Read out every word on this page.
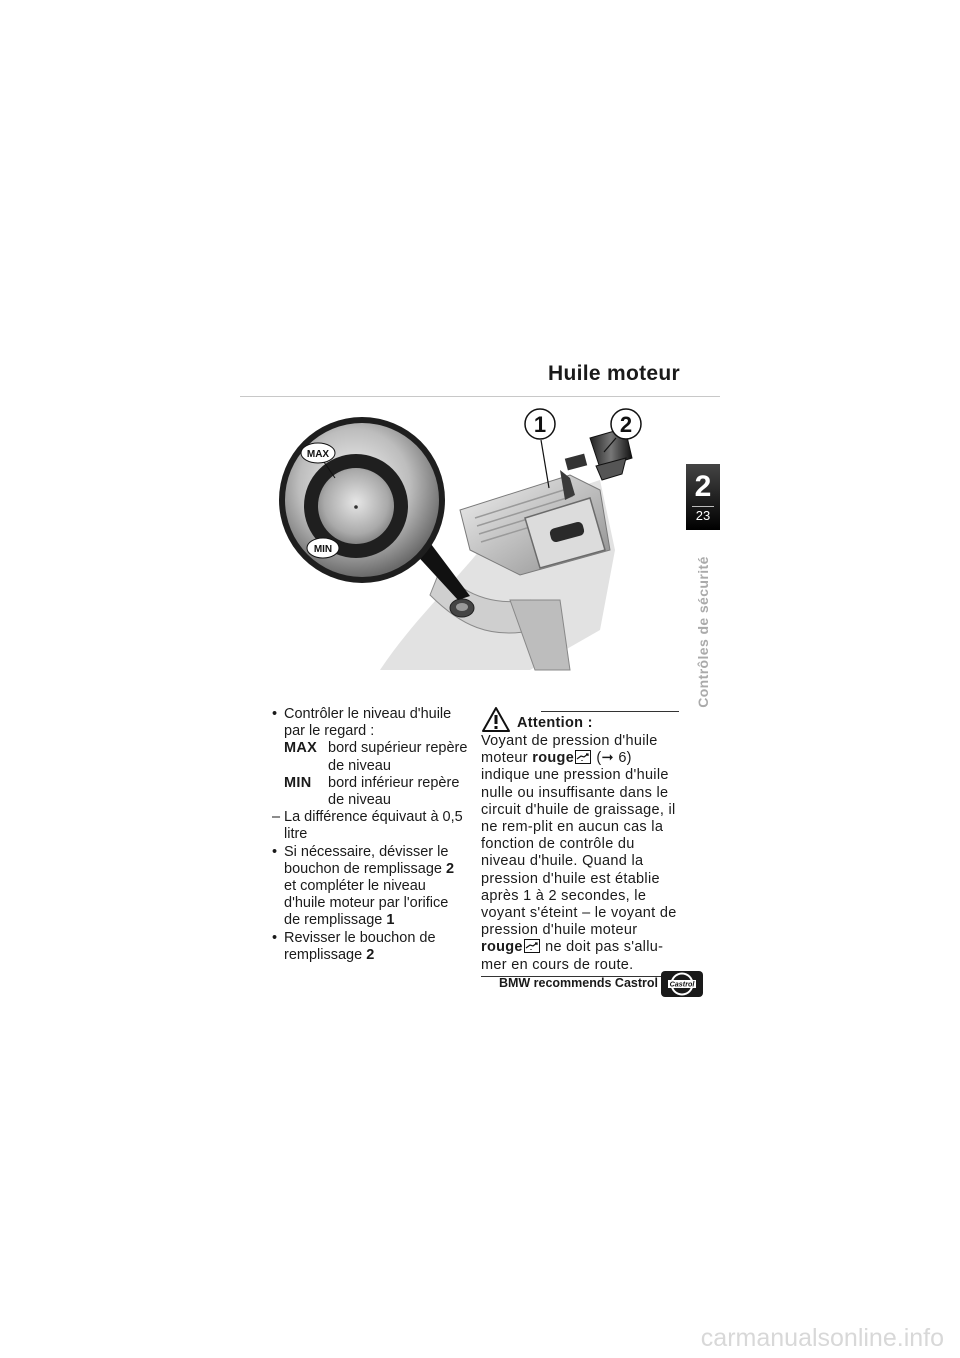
Huile moteur
2
23
Contrôles de sécurité
MAX
MIN
1	2
• Contrôler le niveau d'huile par le regard :
MAX bord supérieur repère de niveau
MIN	bord inférieur repère de niveau
– La différence équivaut à 0,5 litre
• Si nécessaire, dévisser le bouchon de remplissage 2 et compléter le niveau d'huile moteur par l'orifice de remplissage 1
• Revisser le bouchon de remplissage 2
Attention :
Voyant de pression d'huile moteur rouge (➞ 6) indique une pression d'huile nulle ou insuffisante dans le circuit d'huile de graissage, il ne rem-plit en aucun cas la fonction de contrôle du niveau d'huile. Quand la pression d'huile est établie après 1 à 2 secondes, le voyant s'éteint – le voyant de pression d'huile moteur rouge ne doit pas s'allu-mer en cours de route.
BMW recommends Castrol Castrol
carmanualsonline.info
